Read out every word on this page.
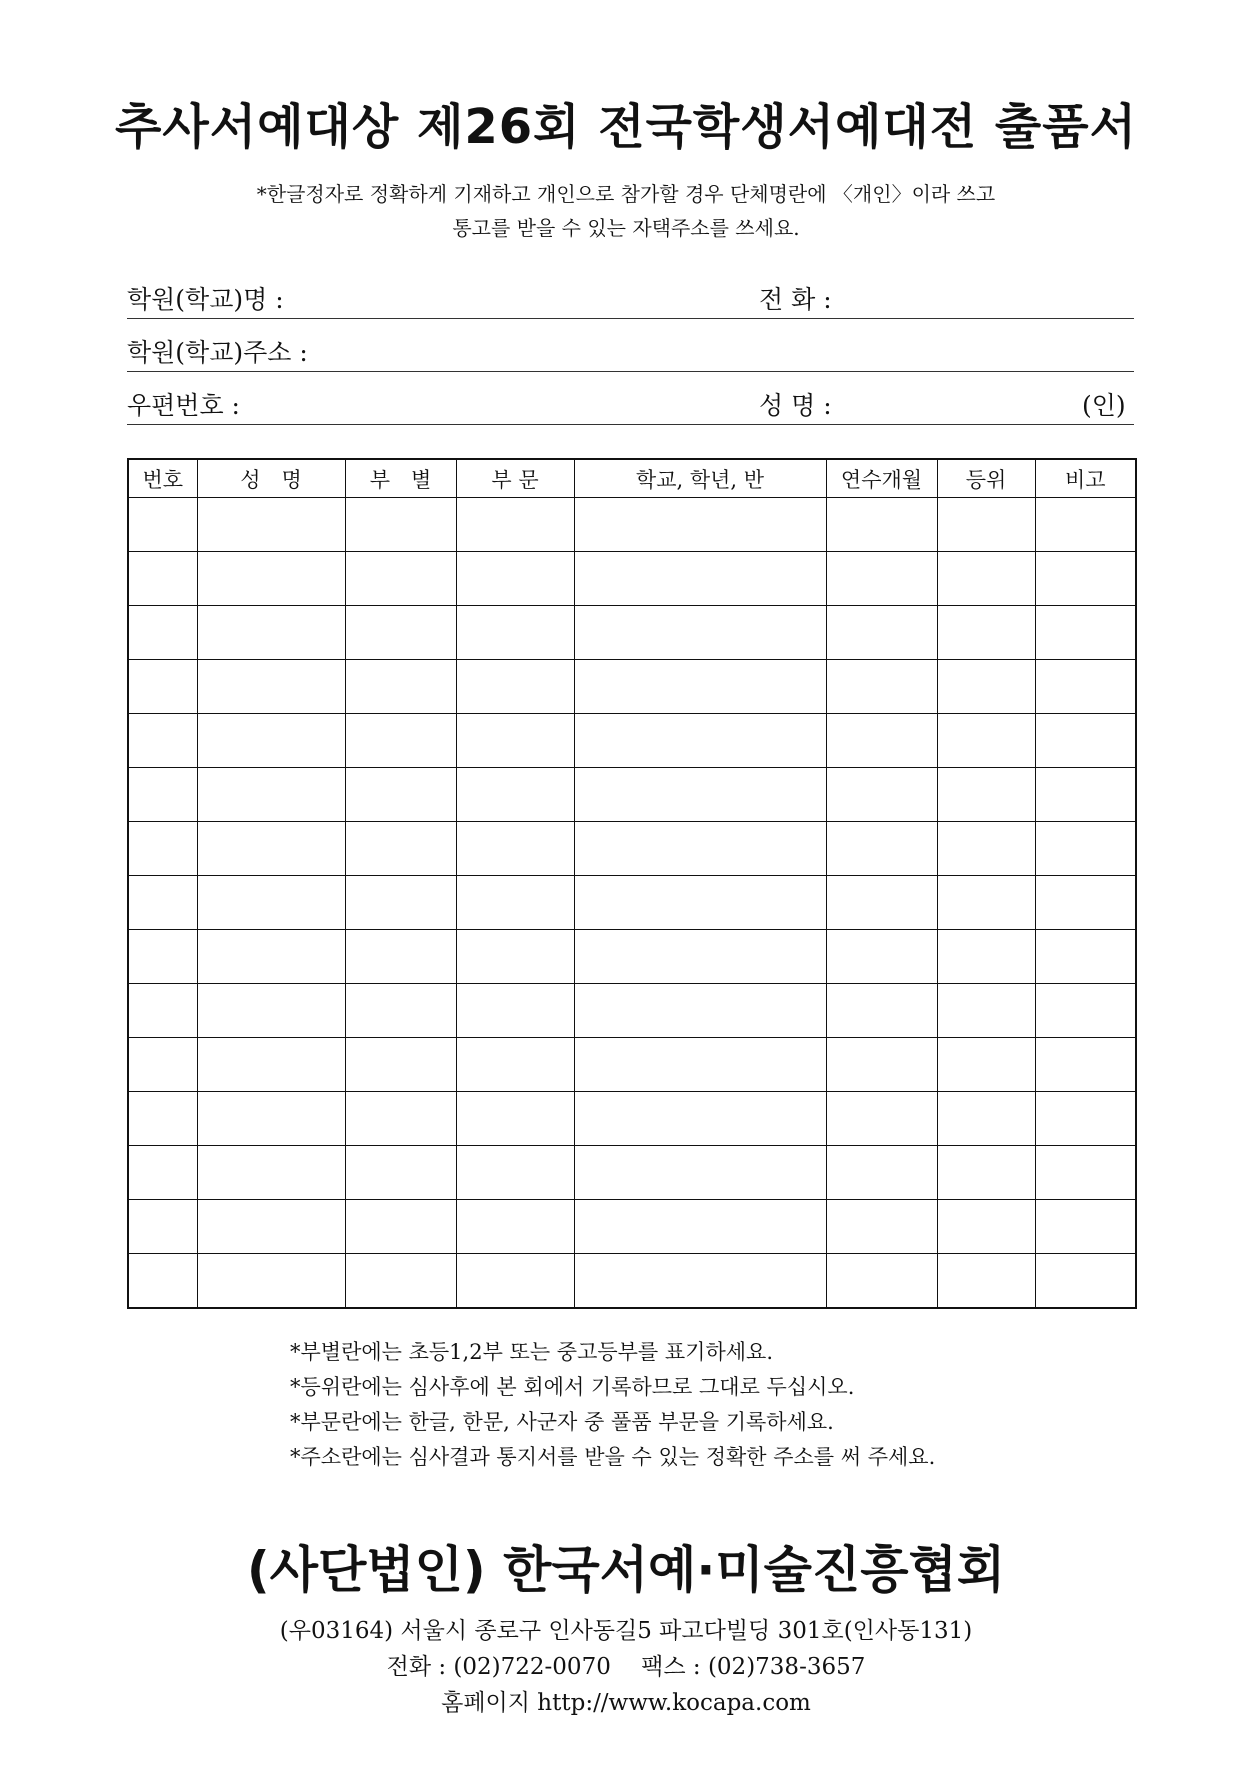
추사서예대상 제26회 전국학생서예대전 출품서
*한글정자로 정확하게 기재하고 개인으로 참가할 경우 단체명란에 〈개인〉이라 쓰고
통고를 받을 수 있는 자택주소를 쓰세요.
학원(학교)명 :	전 화 :
학원(학교)주소 :
우편번호 :	성 명 :	(인)
번호	성　명	부　별	부 문	학교, 학년, 반	연수개월	등위	비고

*부별란에는 초등1,2부 또는 중고등부를 표기하세요.
*등위란에는 심사후에 본 회에서 기록하므로 그대로 두십시오.
*부문란에는 한글, 한문, 사군자 중 풀품 부문을 기록하세요.
*주소란에는 심사결과 통지서를 받을 수 있는 정확한 주소를 써 주세요.
(사단법인) 한국서예·미술진흥협회
(우03164) 서울시 종로구 인사동길5 파고다빌딩 301호(인사동131)
전화 : (02)722-0070　 팩스 : (02)738-3657
홈페이지 http://www.kocapa.com
